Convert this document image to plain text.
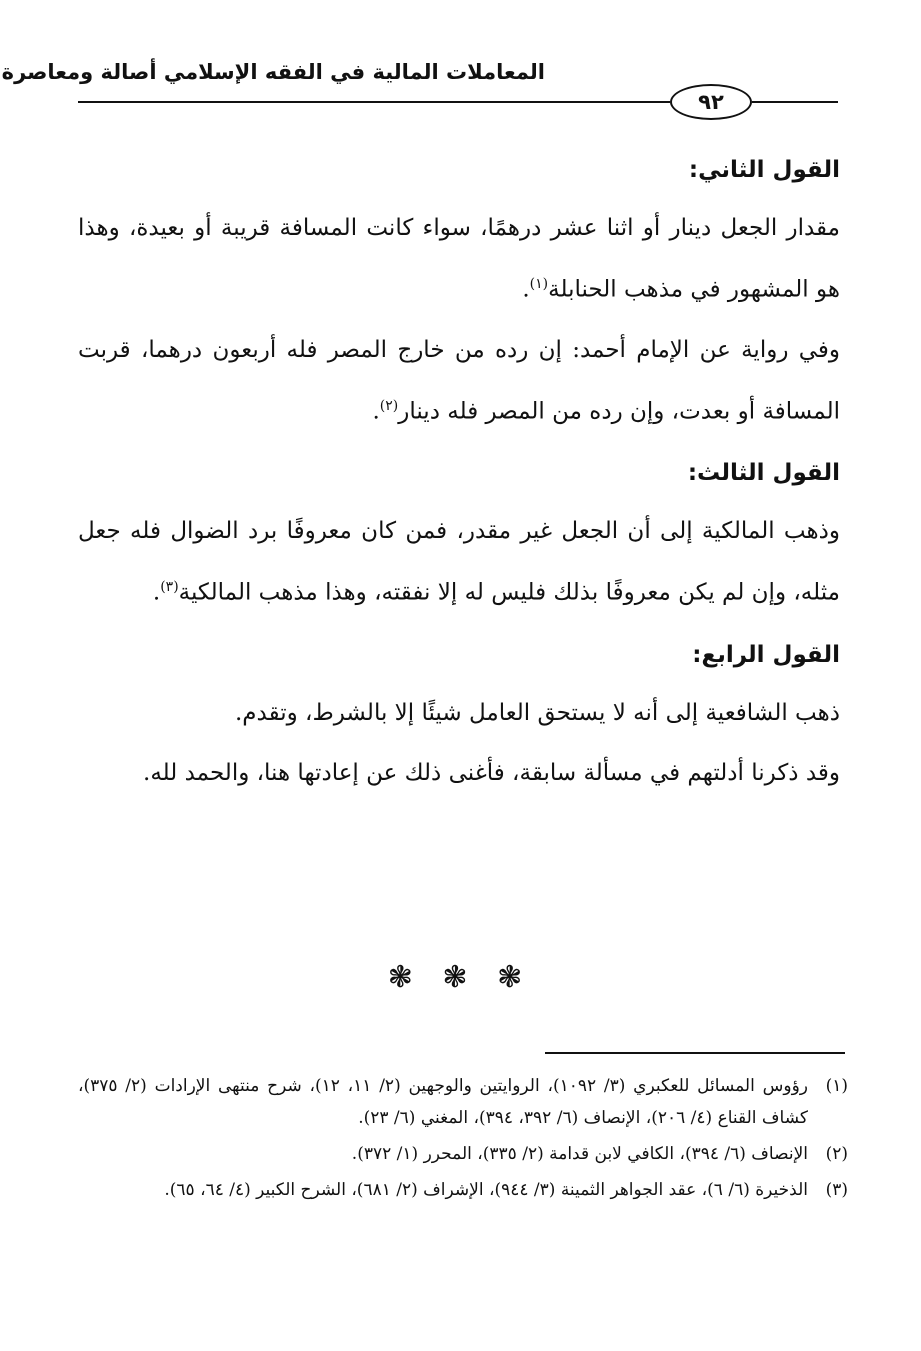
المعاملات المالية في الفقه الإسلامي أصالة ومعاصرة
٩٢
القول الثاني:

مقدار الجعل دينار أو اثنا عشر درهمًا، سواء كانت المسافة قريبة أو بعيدة، وهذا هو المشهور في مذهب الحنابلة$^{(١)}$.

وفي رواية عن الإمام أحمد: إن رده من خارج المصر فله أربعون درهما، قربت المسافة أو بعدت، وإن رده من المصر فله دينار$^{(٢)}$.

القول الثالث:

وذهب المالكية إلى أن الجعل غير مقدر، فمن كان معروفًا برد الضوال فله جعل مثله، وإن لم يكن معروفًا بذلك فليس له إلا نفقته، وهذا مذهب المالكية$^{(٣)}$.

القول الرابع:

ذهب الشافعية إلى أنه لا يستحق العامل شيئًا إلا بالشرط، وتقدم.

وقد ذكرنا أدلتهم في مسألة سابقة، فأغنى ذلك عن إعادتها هنا، والحمد لله.

❃ ❃ ❃
(١)
رؤوس المسائل للعكبري (٣/ ١٠٩٢)، الروايتين والوجهين (٢/ ١١، ١٢)، شرح منتهى الإرادات (٢/ ٣٧٥)، كشاف القناع (٤/ ٢٠٦)، الإنصاف (٦/ ٣٩٢، ٣٩٤)، المغني (٦/ ٢٣).
(٢)
الإنصاف (٦/ ٣٩٤)، الكافي لابن قدامة (٢/ ٣٣٥)، المحرر (١/ ٣٧٢).
(٣)
الذخيرة (٦/ ٦)، عقد الجواهر الثمينة (٣/ ٩٤٤)، الإشراف (٢/ ٦٨١)، الشرح الكبير (٤/ ٦٤، ٦٥).
